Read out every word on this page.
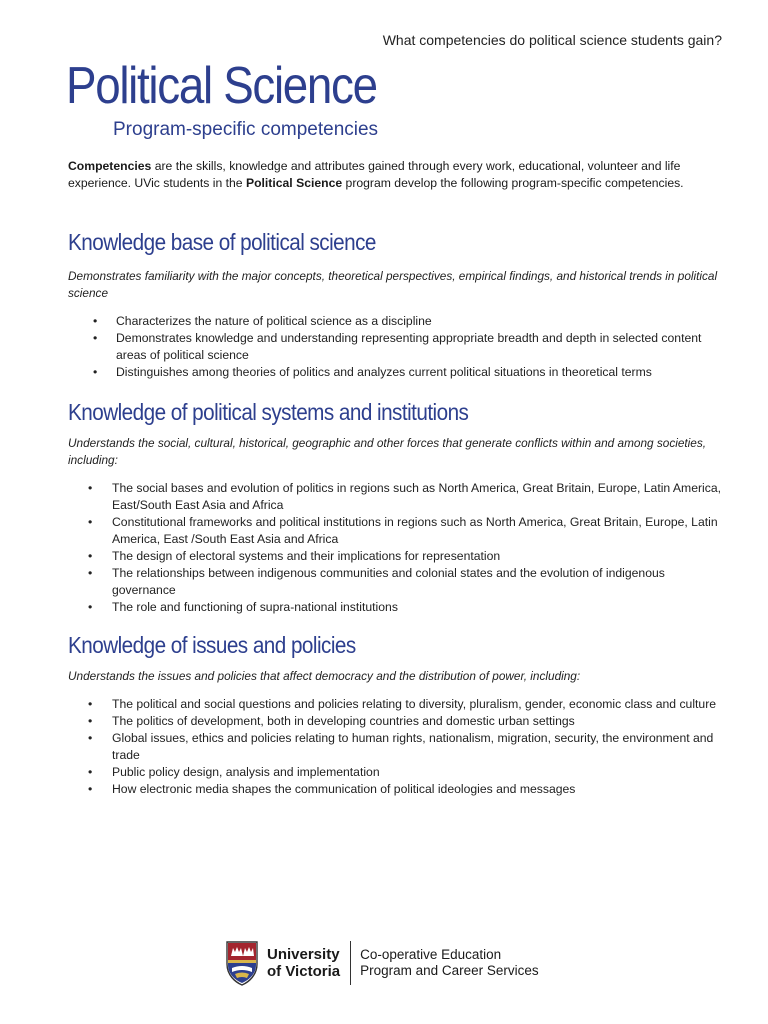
What competencies do political science students gain?
Political Science
Program-specific competencies

Competencies are the skills, knowledge and attributes gained through every work, educational, volunteer and life experience. UVic students in the Political Science program develop the following program-specific competencies.

Knowledge base of political science

Demonstrates familiarity with the major concepts, theoretical perspectives, empirical findings, and historical trends in political science

• Characterizes the nature of political science as a discipline
• Demonstrates knowledge and understanding representing appropriate breadth and depth in selected content areas of political science
• Distinguishes among theories of politics and analyzes current political situations in theoretical terms
Knowledge of political systems and institutions

Understands the social, cultural, historical, geographic and other forces that generate conflicts within and among societies, including:

• The social bases and evolution of politics in regions such as North America, Great Britain, Europe, Latin America, East/South East Asia and Africa
• Constitutional frameworks and political institutions in regions such as North America, Great Britain, Europe, Latin America, East /South East Asia and Africa
• The design of electoral systems and their implications for representation
• The relationships between indigenous communities and colonial states and the evolution of indigenous governance
• The role and functioning of supra-national institutions
Knowledge of issues and policies

Understands the issues and policies that affect democracy and the distribution of power, including:

• The political and social questions and policies relating to diversity, pluralism, gender, economic class and culture
• The politics of development, both in developing countries and domestic urban settings
• Global issues, ethics and policies relating to human rights, nationalism, migration, security, the environment and trade
• Public policy design, analysis and implementation
• How electronic media shapes the communication of political ideologies and messages
University
of Victoria
Co-operative Education
Program and Career Services
